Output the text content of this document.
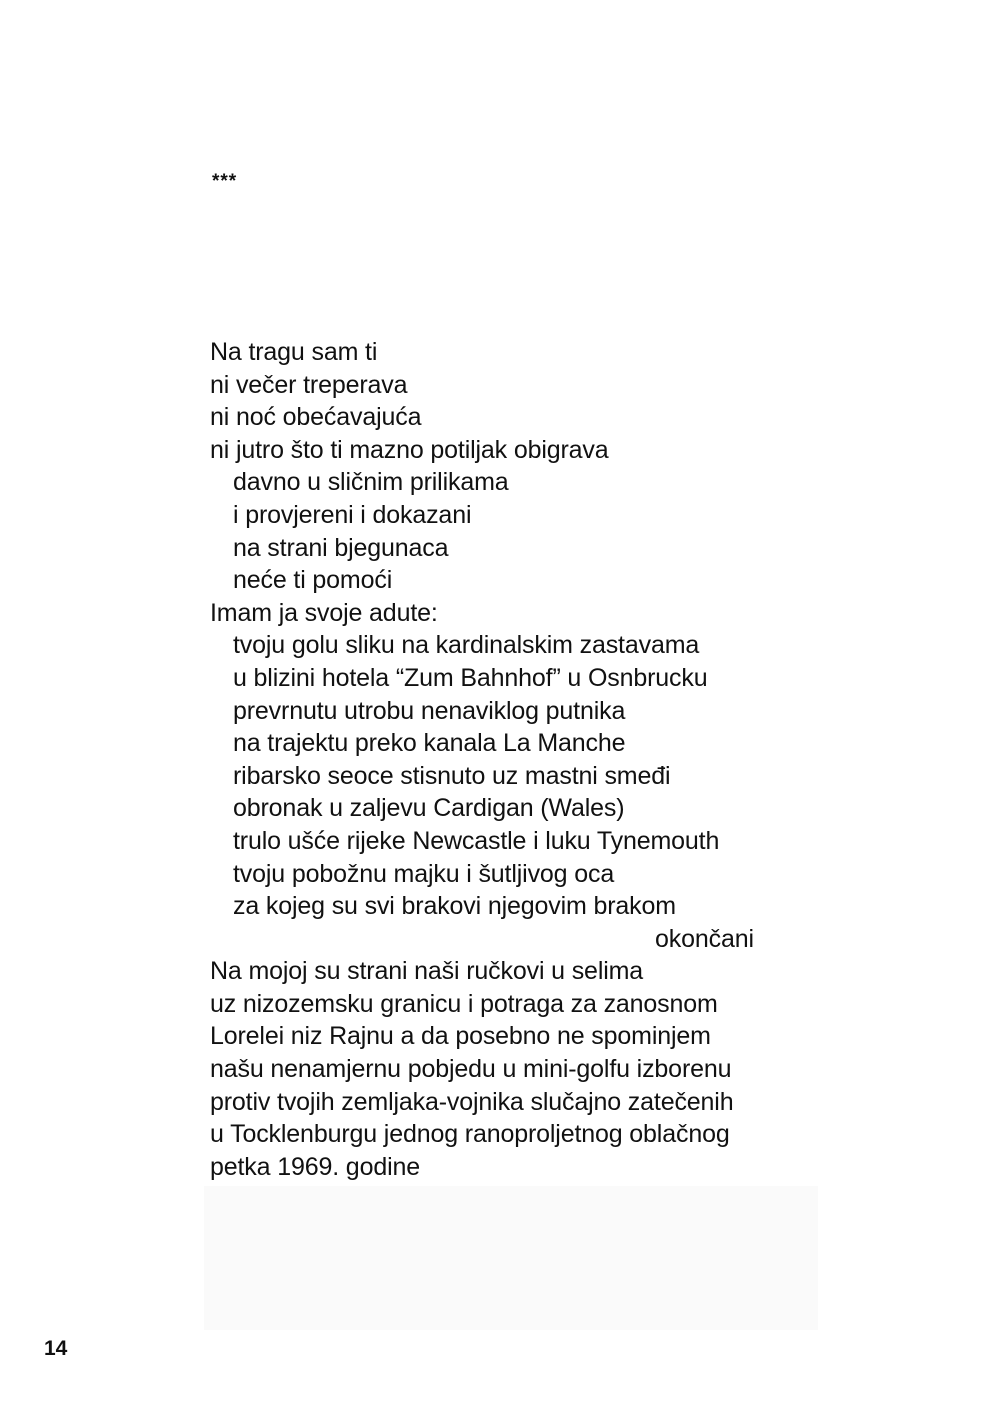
***
Na tragu sam ti
ni večer treperava
ni noć obećavajuća
ni jutro što ti mazno potiljak obigrava
davno u sličnim prilikama
i provjereni i dokazani
na strani bjegunaca
neće ti pomoći
Imam ja svoje adute:
tvoju golu sliku na kardinalskim zastavama
u blizini hotela “Zum Bahnhof” u Osnbrucku
prevrnutu utrobu nenaviklog putnika
na trajektu preko kanala La Manche
ribarsko seoce stisnuto uz mastni smeđi
obronak u zaljevu Cardigan (Wales)
trulo ušće rijeke Newcastle i luku Tynemouth
tvoju pobožnu majku i šutljivog oca
za kojeg su svi brakovi njegovim brakom
okončani
Na mojoj su strani naši ručkovi u selima
uz nizozemsku granicu i potraga za zanosnom
Lorelei niz Rajnu a da posebno ne spominjem
našu nenamjernu pobjedu u mini-golfu izborenu
protiv tvojih zemljaka-vojnika slučajno zatečenih
u Tocklenburgu jednog ranoproljetnog oblačnog
petka 1969. godine
14
